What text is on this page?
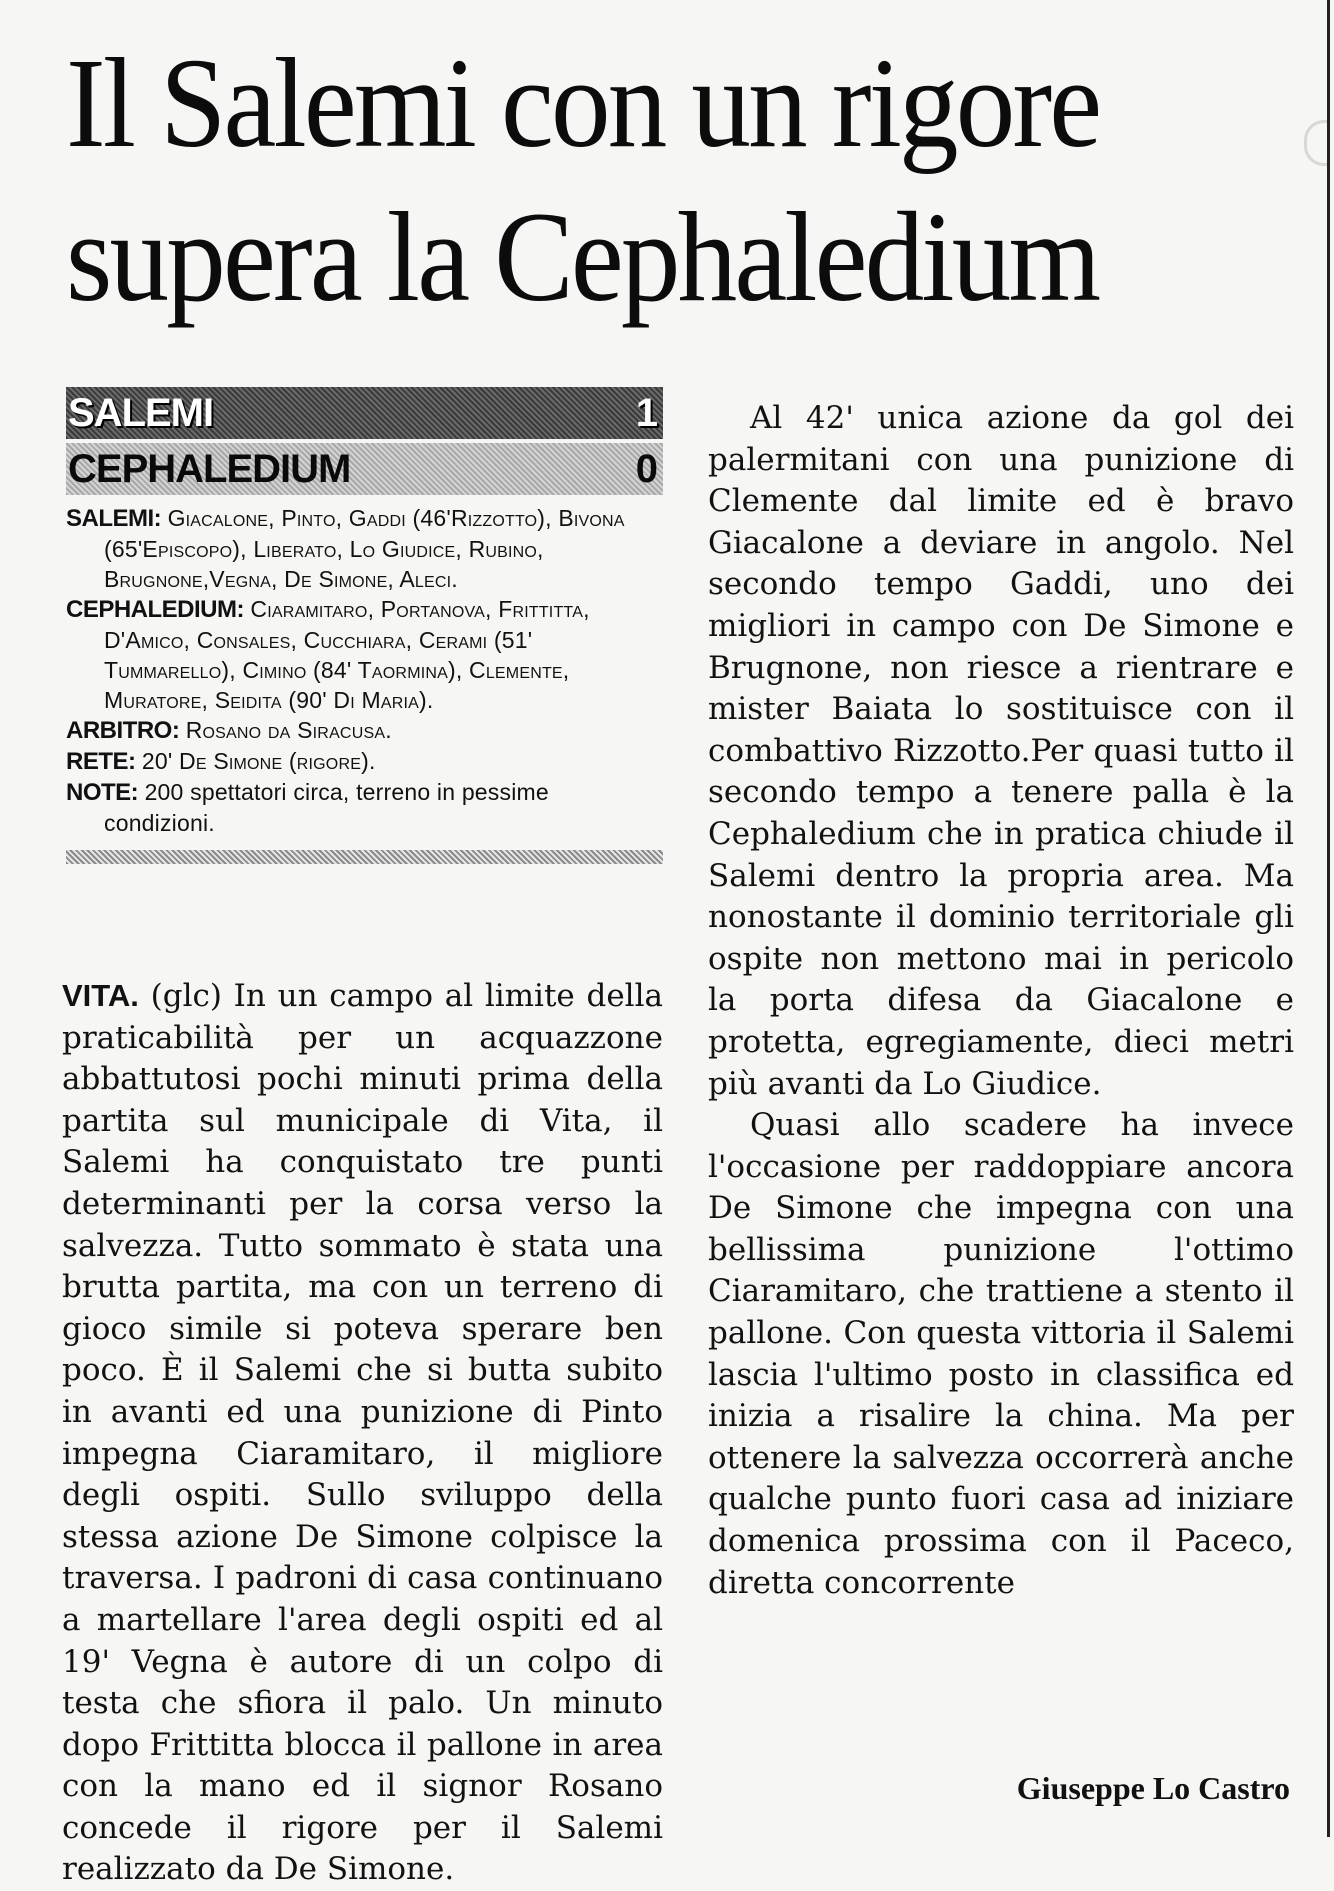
Il Salemi con un rigore
supera la Cephaledium
SALEMI	1
CEPHALEDIUM	0

SALEMI: Giacalone, Pinto, Gaddi (46'Rizzotto), Bivona (65'Episcopo), Liberato, Lo Giudice, Rubino, Brugnone,Vegna, De Simone, Aleci.

CEPHALEDIUM: Ciaramitaro, Portanova, Frittitta, D'Amico, Consales, Cucchiara, Cerami (51' Tummarello), Cimino (84' Taormina), Clemente, Muratore, Seidita (90' Di Maria).

ARBITRO: Rosano da Siracusa.

RETE: 20' De Simone (rigore).

NOTE: 200 spettatori circa, terreno in pessime condizioni.

VITA. (glc) In un campo al limite della praticabilità per un acquazzone abbattutosi pochi minuti prima della partita sul municipale di Vita, il Salemi ha conquistato tre punti determinanti per la corsa verso la salvezza. Tutto sommato è stata una brutta partita, ma con un terreno di gioco simile si poteva sperare ben poco. È il Salemi che si butta subito in avanti ed una punizione di Pinto impegna Ciaramitaro, il migliore degli ospiti. Sullo sviluppo della stessa azione De Simone colpisce la traversa. I padroni di casa continuano a martellare l'area degli ospiti ed al 19' Vegna è autore di un colpo di testa che sfiora il palo. Un minuto dopo Frittitta blocca il pallone in area con la mano ed il signor Rosano concede il rigore per il Salemi realizzato da De Simone.

Al 42' unica azione da gol dei palermitani con una punizione di Clemente dal limite ed è bravo Giacalone a deviare in angolo. Nel secondo tempo Gaddi, uno dei migliori in campo con De Simone e Brugnone, non riesce a rientrare e mister Baiata lo sostituisce con il combattivo Rizzotto.Per quasi tutto il secondo tempo a tenere palla è la Cephaledium che in pratica chiude il Salemi dentro la propria area. Ma nonostante il dominio territoriale gli ospite non mettono mai in pericolo la porta difesa da Giacalone e protetta, egregiamente, dieci metri più avanti da Lo Giudice.

Quasi allo scadere ha invece l'occasione per raddoppiare ancora De Simone che impegna con una bellissima punizione l'ottimo Ciaramitaro, che trattiene a stento il pallone. Con questa vittoria il Salemi lascia l'ultimo posto in classifica ed inizia a risalire la china. Ma per ottenere la salvezza occorrerà anche qualche punto fuori casa ad iniziare domenica prossima con il Paceco, diretta concorrente

Giuseppe Lo Castro
